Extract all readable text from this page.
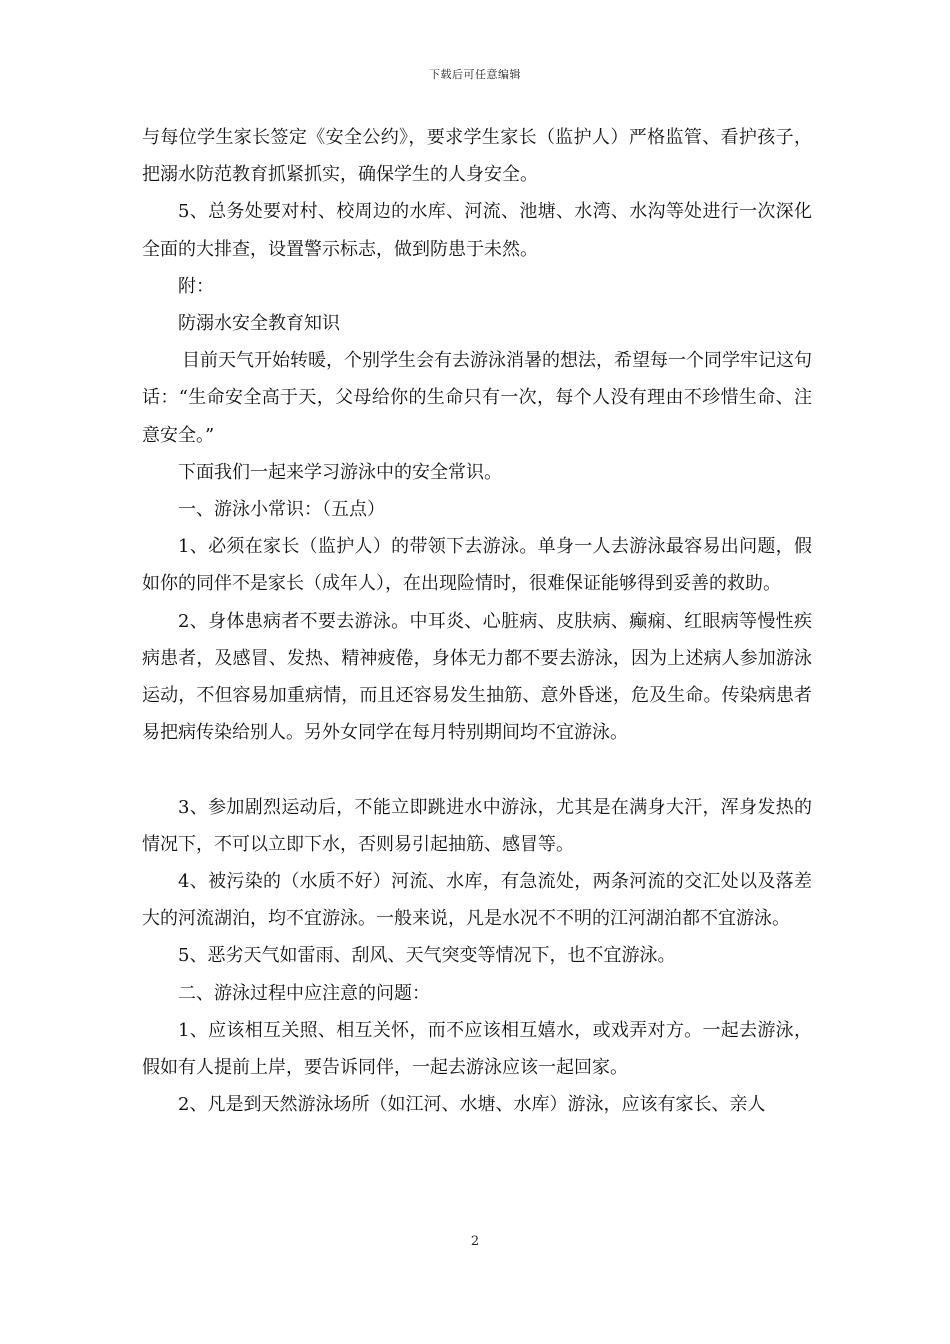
下载后可任意编辑

与每位学生家长签定《安全公约》，要求学生家长（监护人）严格监管、看护孩子，把溺水防范教育抓紧抓实，确保学生的人身安全。

5、总务处要对村、校周边的水库、河流、池塘、水湾、水沟等处进行一次深化全面的大排查，设置警示标志，做到防患于未然。

附：

防溺水安全教育知识

目前天气开始转暖，个别学生会有去游泳消暑的想法，希望每一个同学牢记这句话：“生命安全高于天，父母给你的生命只有一次，每个人没有理由不珍惜生命、注意安全。”

下面我们一起来学习游泳中的安全常识。

一、游泳小常识：（五点）

1、必须在家长（监护人）的带领下去游泳。单身一人去游泳最容易出问题，假如你的同伴不是家长（成年人），在出现险情时，很难保证能够得到妥善的救助。

2、身体患病者不要去游泳。中耳炎、心脏病、皮肤病、癫痫、红眼病等慢性疾病患者，及感冒、发热、精神疲倦，身体无力都不要去游泳，因为上述病人参加游泳运动，不但容易加重病情，而且还容易发生抽筋、意外昏迷，危及生命。传染病患者易把病传染给别人。另外女同学在每月特别期间均不宜游泳。

3、参加剧烈运动后，不能立即跳进水中游泳，尤其是在满身大汗，浑身发热的情况下，不可以立即下水，否则易引起抽筋、感冒等。

4、被污染的（水质不好）河流、水库，有急流处，两条河流的交汇处以及落差大的河流湖泊，均不宜游泳。一般来说，凡是水况不不明的江河湖泊都不宜游泳。

5、恶劣天气如雷雨、刮风、天气突变等情况下，也不宜游泳。

二、游泳过程中应注意的问题：

1、应该相互关照、相互关怀，而不应该相互嬉水，或戏弄对方。一起去游泳，假如有人提前上岸，要告诉同伴，一起去游泳应该一起回家。

2、凡是到天然游泳场所（如江河、水塘、水库）游泳，应该有家长、亲人

2
